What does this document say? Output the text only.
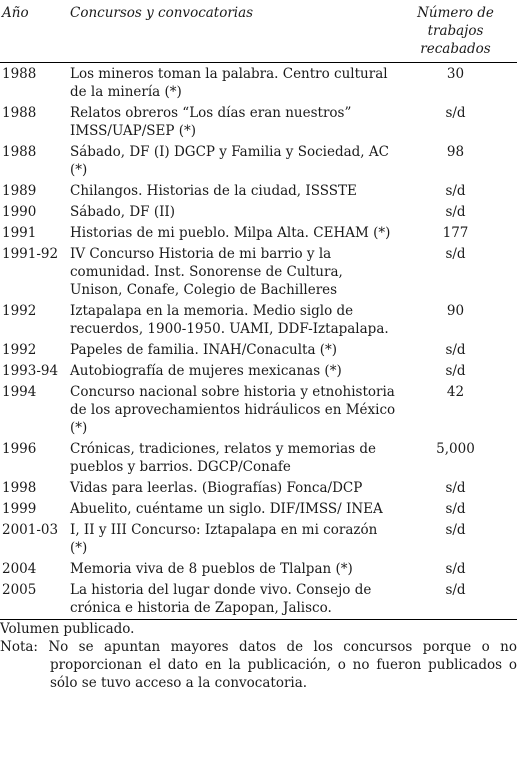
Año	Concursos y convocatorias	Número de trabajos recabados
1988	Los mineros toman la palabra. Centro cultural de la minería (*)	30
1988	Relatos obreros “Los días eran nuestros” IMSS/UAP/SEP (*)	s/d
1988	Sábado, DF (I) DGCP y Familia y Sociedad, AC (*)	98
1989	Chilangos. Historias de la ciudad, ISSSTE	s/d
1990	Sábado, DF (II)	s/d
1991	Historias de mi pueblo. Milpa Alta. CEHAM (*)	177
1991-92	IV Concurso Historia de mi barrio y la comunidad. Inst. Sonorense de Cultura, Unison, Conafe, Colegio de Bachilleres	s/d
1992	Iztapalapa en la memoria. Medio siglo de recuerdos, 1900-1950. UAMI, DDF-Iztapalapa.	90
1992	Papeles de familia. INAH/Conaculta (*)	s/d
1993-94	Autobiografía de mujeres mexicanas (*)	s/d
1994	Concurso nacional sobre historia y etnohistoria de los aprovechamientos hidráulicos en México (*)	42
1996	Crónicas, tradiciones, relatos y memorias de pueblos y barrios. DGCP/Conafe	5,000
1998	Vidas para leerlas. (Biografías) Fonca/DCP	s/d
1999	Abuelito, cuéntame un siglo. DIF/IMSS/ INEA	s/d
2001-03	I, II y III Concurso: Iztapalapa en mi corazón (*)	s/d
2004	Memoria viva de 8 pueblos de Tlalpan (*)	s/d
2005	La historia del lugar donde vivo. Consejo de crónica e historia de Zapopan, Jalisco.	s/d
Volumen publicado.
Nota: No se apuntan mayores datos de los concursos porque o no proporcionan el dato en la publicación, o no fueron publicados o sólo se tuvo acceso a la convocatoria.
